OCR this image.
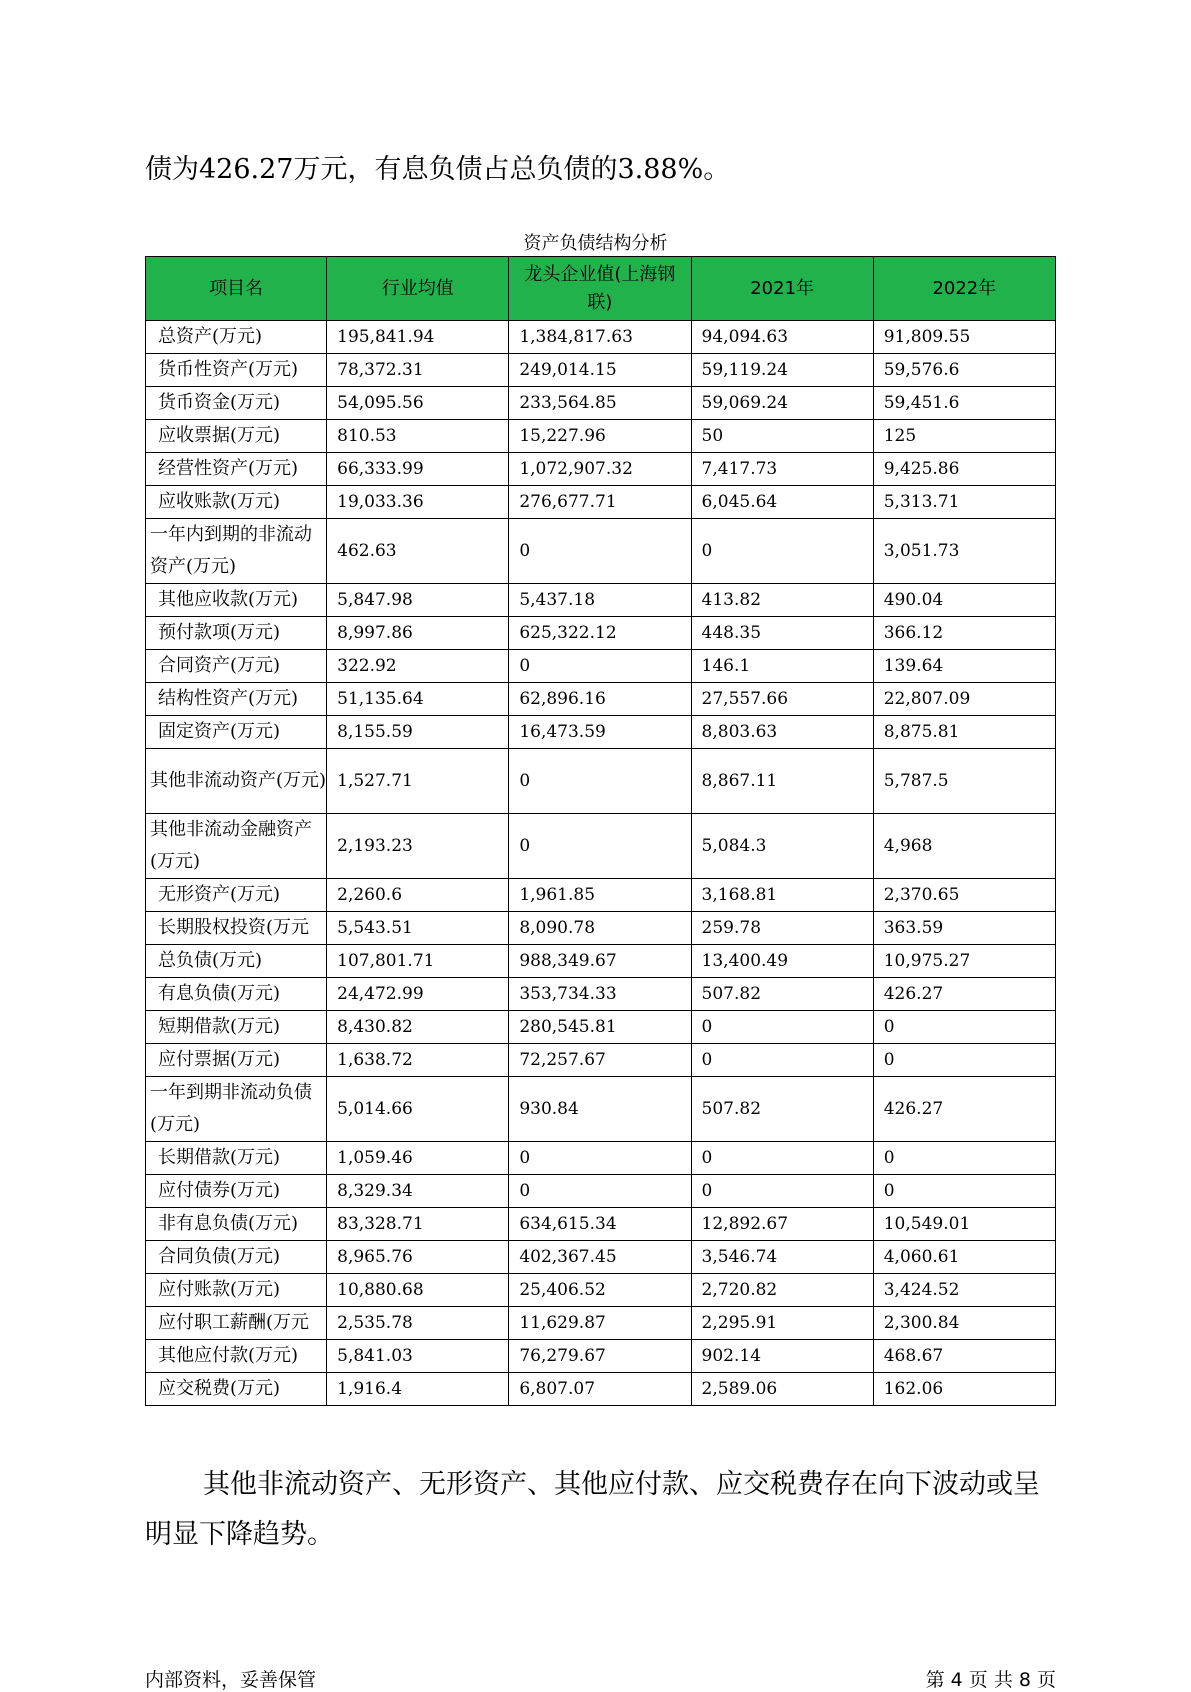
债为426.27万元，有息负债占总负债的3.88%。

资产负债结构分析

项目名	行业均值	龙头企业值(上海钢联)	2021年	2022年
总资产(万元)	195,841.94	1,384,817.63	94,094.63	91,809.55
货币性资产(万元)	78,372.31	249,014.15	59,119.24	59,576.6
货币资金(万元)	54,095.56	233,564.85	59,069.24	59,451.6
应收票据(万元)	810.53	15,227.96	50	125
经营性资产(万元)	66,333.99	1,072,907.32	7,417.73	9,425.86
应收账款(万元)	19,033.36	276,677.71	6,045.64	5,313.71
一年内到期的非流动资产(万元)	462.63	0	0	3,051.73
其他应收款(万元)	5,847.98	5,437.18	413.82	490.04
预付款项(万元)	8,997.86	625,322.12	448.35	366.12
合同资产(万元)	322.92	0	146.1	139.64
结构性资产(万元)	51,135.64	62,896.16	27,557.66	22,807.09
固定资产(万元)	8,155.59	16,473.59	8,803.63	8,875.81
其他非流动资产(万元)	1,527.71	0	8,867.11	5,787.5
其他非流动金融资产(万元)	2,193.23	0	5,084.3	4,968
无形资产(万元)	2,260.6	1,961.85	3,168.81	2,370.65
长期股权投资(万元	5,543.51	8,090.78	259.78	363.59
总负债(万元)	107,801.71	988,349.67	13,400.49	10,975.27
有息负债(万元)	24,472.99	353,734.33	507.82	426.27
短期借款(万元)	8,430.82	280,545.81	0	0
应付票据(万元)	1,638.72	72,257.67	0	0
一年到期非流动负债(万元)	5,014.66	930.84	507.82	426.27
长期借款(万元)	1,059.46	0	0	0
应付债券(万元)	8,329.34	0	0	0
非有息负债(万元)	83,328.71	634,615.34	12,892.67	10,549.01
合同负债(万元)	8,965.76	402,367.45	3,546.74	4,060.61
应付账款(万元)	10,880.68	25,406.52	2,720.82	3,424.52
应付职工薪酬(万元	2,535.78	11,629.87	2,295.91	2,300.84
其他应付款(万元)	5,841.03	76,279.67	902.14	468.67
应交税费(万元)	1,916.4	6,807.07	2,589.06	162.06

其他非流动资产、无形资产、其他应付款、应交税费存在向下波动或呈明显下降趋势。

内部资料，妥善保管	第 4 页 共 8 页
